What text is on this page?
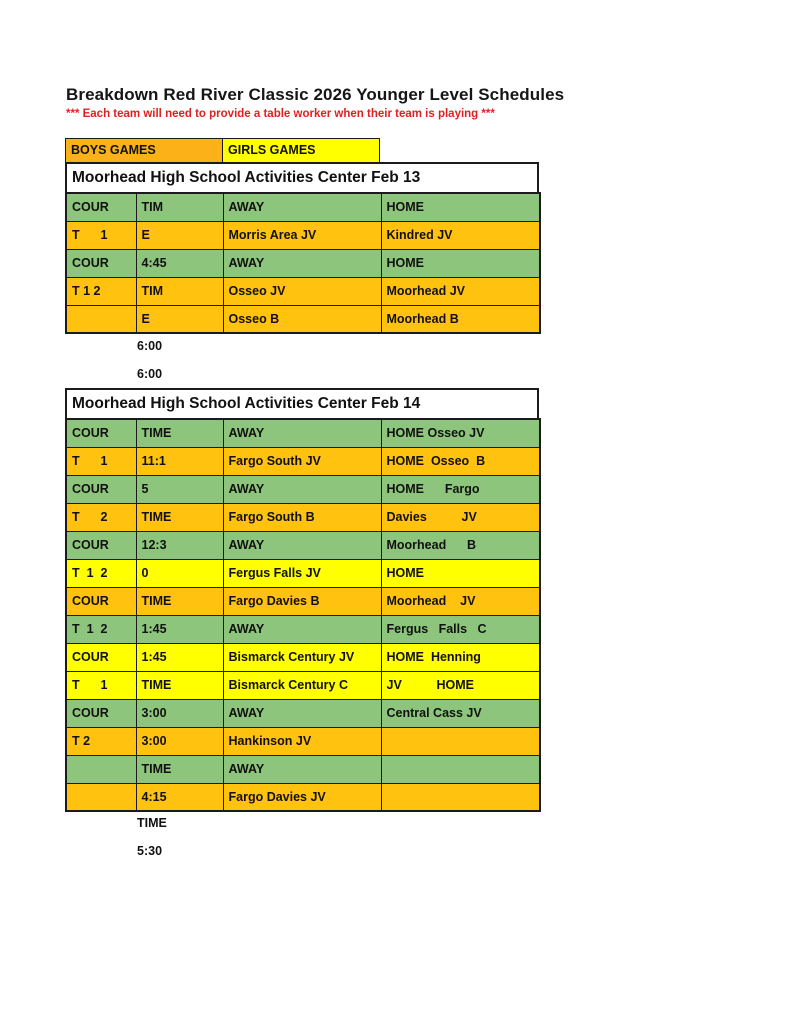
Breakdown Red River Classic 2026 Younger Level Schedules
*** Each team will need to provide a table worker when their team is playing ***
BOYS GAMES	GIRLS GAMES
Moorhead High School Activities Center Feb 13
COUR	TIM	AWAY	HOME
T      1	E	Morris Area JV	Kindred JV
COUR	4:45	AWAY	HOME
T 1 2	TIM	Osseo JV	Moorhead JV
	E	Osseo B	Moorhead B
6:00
6:00
Moorhead High School Activities Center Feb 14
COUR	TIME	AWAY	HOME Osseo JV
T      1	11:1	Fargo South JV	HOME  Osseo  B
COUR	5	AWAY	HOME      Fargo
T      2	TIME	Fargo South B	Davies          JV
COUR	12:3	AWAY	Moorhead      B
T  1  2	0	Fergus Falls JV	HOME
COUR	TIME	Fargo Davies B	Moorhead    JV
T  1  2	1:45	AWAY	Fergus   Falls   C
COUR	1:45	Bismarck Century JV	HOME  Henning
T      1	TIME	Bismarck Century C	JV          HOME
COUR	3:00	AWAY	Central Cass JV
T 2	3:00	Hankinson JV	
	TIME	AWAY	
	4:15	Fargo Davies JV	
TIME
5:30
